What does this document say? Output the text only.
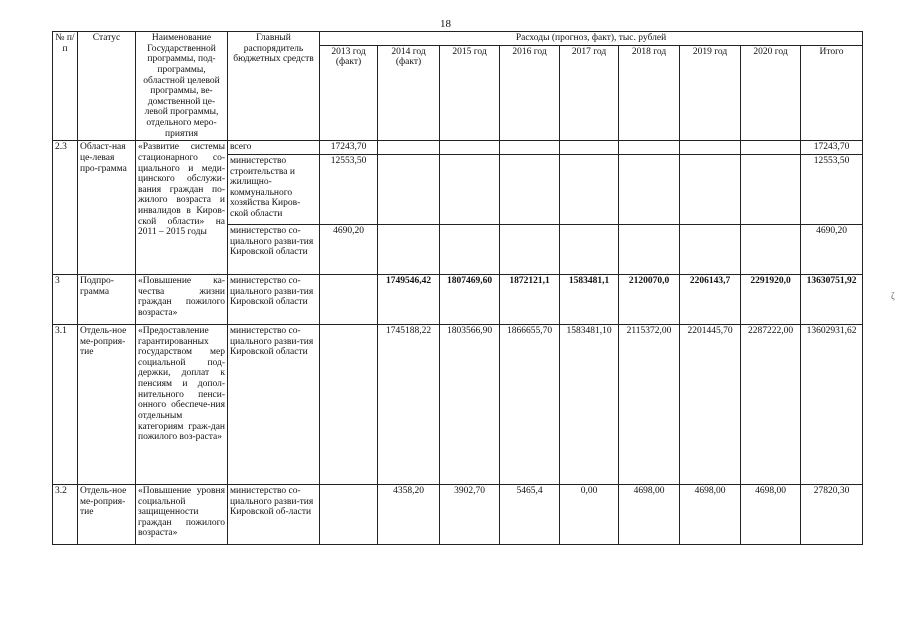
18
ζ
№ п/п	Статус	Наименование Государственной программы, под-программы, областной целевой программы, ве-домственной це-левой программы, отдельного меро-приятия	Главный распорядитель бюджетных средств	Расходы (прогноз, факт), тыс. рублей								
				2013 год (факт)	2014 год (факт)	2015 год	2016 год	2017 год	2018 год	2019 год	2020 год	Итого
2.3	Област-ная це-левая про-грамма	«Развитие системы стационарного со-циального и меди-цинского обслужи-вания граждан по-жилого возраста и инвалидов в Киров-ской области» на 2011 – 2015 годы	всего	17243,70								17243,70
			министерство строительства и жилищно-коммунального хозяйства Киров-ской области	12553,50								12553,50
			министерство со-циального разви-тия Кировской области	4690,20								4690,20
3	Подпро-грамма	«Повышение ка-чества жизни граждан пожилого возраста»	министерство со-циального разви-тия Кировской области		1749546,42	1807469,60	1872121,1	1583481,1	2120070,0	2206143,7	2291920,0	13630751,92
3.1	Отдель-ное ме-роприя-тие	«Предоставление гарантированных государством мер социальной под-держки, доплат к пенсиям и допол-нительного пенси-онного обеспече-ния отдельным категориям граж-дан пожилого воз-раста»	министерство со-циального разви-тия Кировской области		1745188,22	1803566,90	1866655,70	1583481,10	2115372,00	2201445,70	2287222,00	13602931,62
3.2	Отдель-ное ме-роприя-тие	«Повышение уровня социальной защищенности граждан пожилого возраста»	министерство со-циального разви-тия Кировской об-ласти		4358,20	3902,70	5465,4	0,00	4698,00	4698,00	4698,00	27820,30
